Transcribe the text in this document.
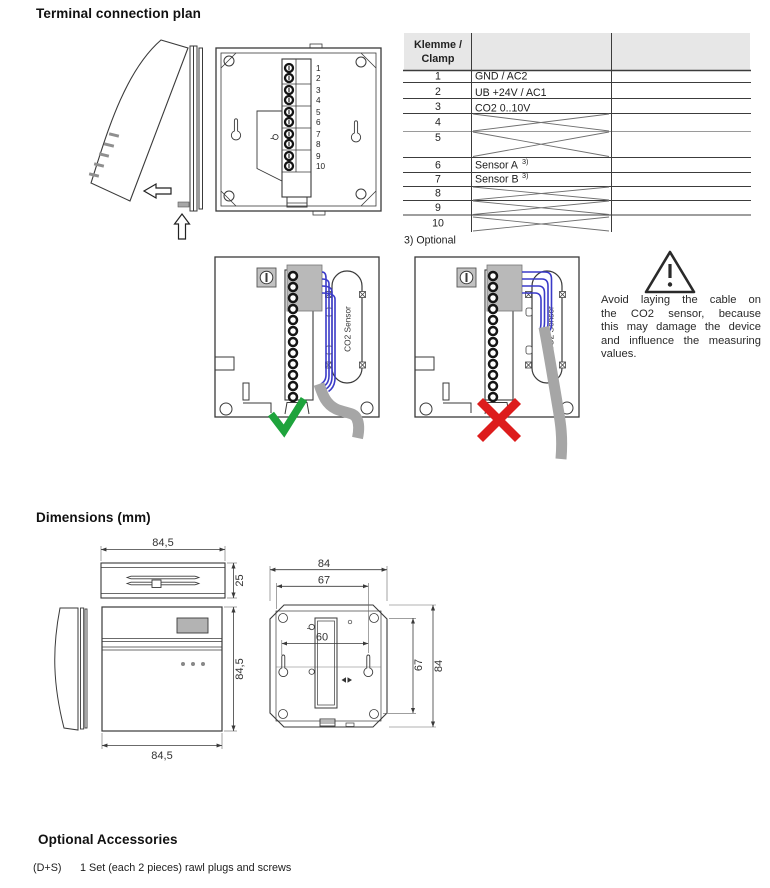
Terminal connection plan
1
2
3
4
5
6
7
8
9
10
Klemme /
Clamp
1
2
3
4
5
6
7
8
9
10
GND / AC2
UB +24V / AC1
CO2 0..10V
Sensor A
Sensor B
3)
3)
3) Optional
CO2 Sensor	CO2 Sensor
Avoid laying the cable on
the CO2 sensor, because
this may damage the device
and influence the measuring
values.
Dimensions (mm)
84,5
25
84,5
84,5
84
67
60
67 84
Optional Accessories
(D+S) 1 Set (each 2 pieces) rawl plugs and screws
